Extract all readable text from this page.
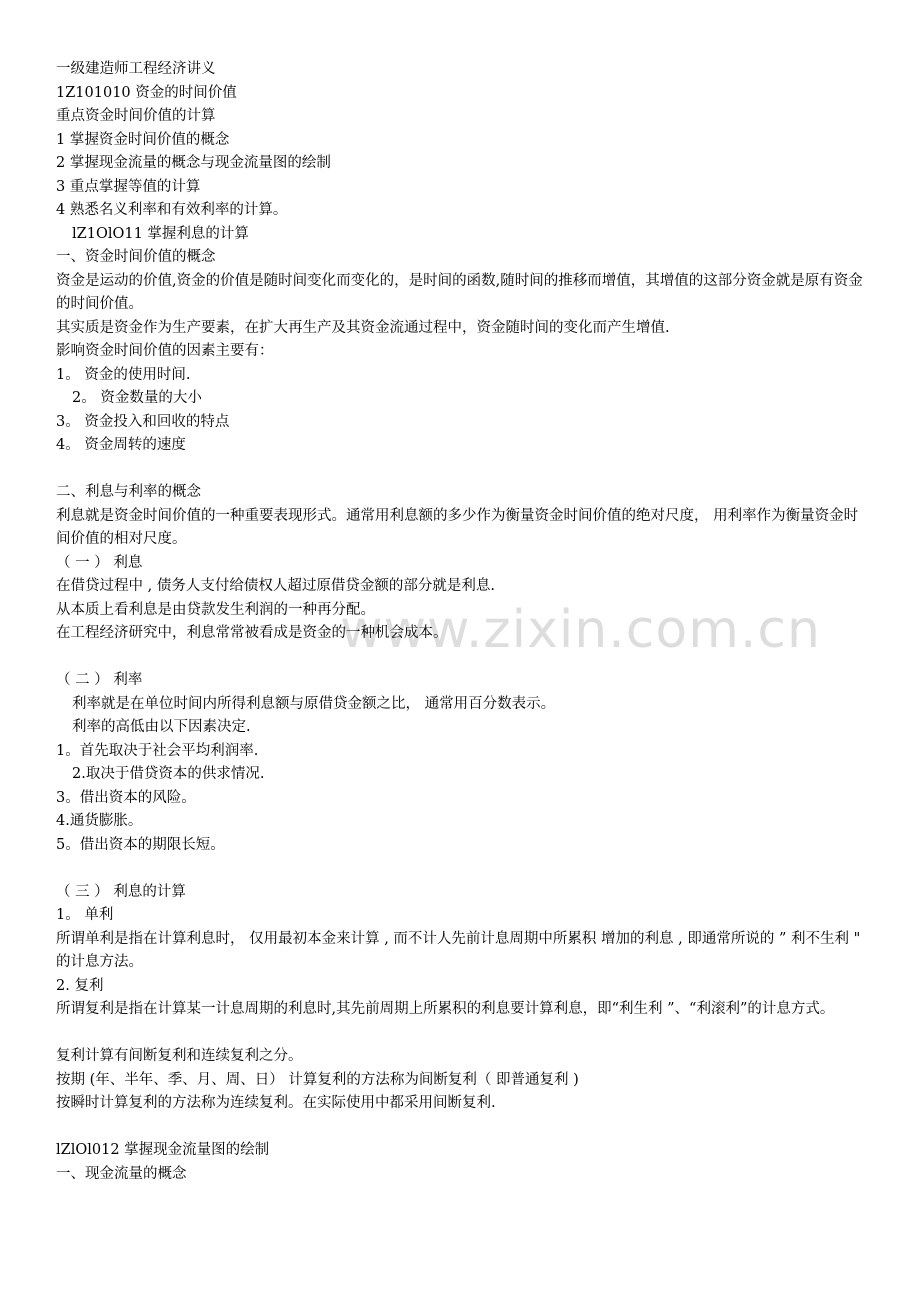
www.zixin.com.cn
一级建造师工程经济讲义
1Z101010 资金的时间价值
重点资金时间价值的计算
1 掌握资金时间价值的概念
2 掌握现金流量的概念与现金流量图的绘制
3 重点掌握等值的计算
4 熟悉名义利率和有效利率的计算。
lZ1OlO11 掌握利息的计算
一、资金时间价值的概念
资金是运动的价值,资金的价值是随时间变化而变化的，是时间的函数,随时间的推移而增值，其增值的这部分资金就是原有资金的时间价值。
其实质是资金作为生产要素，在扩大再生产及其资金流通过程中，资金随时间的变化而产生增值.
影响资金时间价值的因素主要有：
1。 资金的使用时间.
2。 资金数量的大小
3。 资金投入和回收的特点
4。 资金周转的速度
二、利息与利率的概念
利息就是资金时间价值的一种重要表现形式。通常用利息额的多少作为衡量资金时间价值的绝对尺度， 用利率作为衡量资金时间价值的相对尺度。
（ 一 ） 利息
在借贷过程中 , 债务人支付给债权人超过原借贷金额的部分就是利息.
从本质上看利息是由贷款发生利润的一种再分配。
在工程经济研究中，利息常常被看成是资金的一种机会成本。
（ 二 ） 利率
利率就是在单位时间内所得利息额与原借贷金额之比， 通常用百分数表示。
利率的高低由以下因素决定.
1。首先取决于社会平均利润率.
2.取决于借贷资本的供求情况.
3。借出资本的风险。
4.通货膨胀。
5。借出资本的期限长短。
（ 三 ） 利息的计算
1。 单利
所谓单利是指在计算利息时， 仅用最初本金来计算 , 而不计人先前计息周期中所累积 增加的利息 , 即通常所说的 ” 利不生利 " 的计息方法。
2. 复利
所谓复利是指在计算某一计息周期的利息时,其先前周期上所累积的利息要计算利息，即“利生利 ”、“利滚利”的计息方式。
复利计算有间断复利和连续复利之分。
按期 (年、半年、季、月、周、日） 计算复利的方法称为间断复利（ 即普通复利 )
按瞬时计算复利的方法称为连续复利。在实际使用中都采用间断复利.
lZlOl012 掌握现金流量图的绘制
一、现金流量的概念
